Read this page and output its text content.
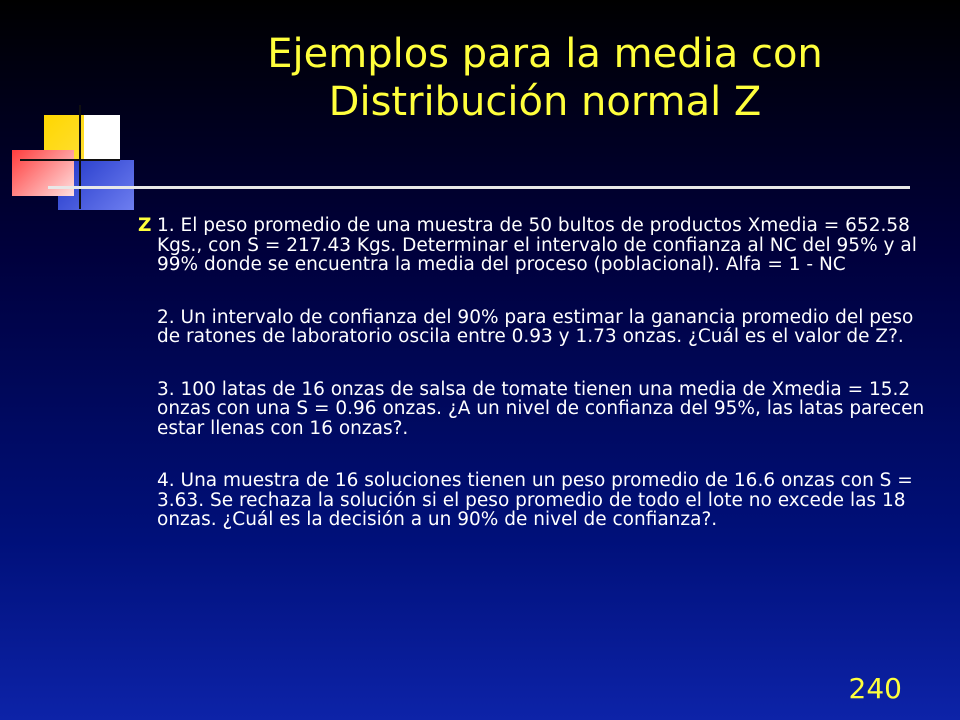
Ejemplos para la media con Distribución normal Z
Z 1. El peso promedio de una muestra de 50 bultos de productos Xmedia = 652.58 Kgs., con S = 217.43 Kgs. Determinar el intervalo de confianza al NC del 95% y al 99% donde se encuentra la media del proceso (poblacional). Alfa = 1 - NC
2. Un intervalo de confianza del 90% para estimar la ganancia promedio del peso de ratones de laboratorio oscila entre 0.93 y 1.73 onzas. ¿Cuál es el valor de Z?.
3. 100 latas de 16 onzas de salsa de tomate tienen una media de Xmedia = 15.2 onzas con una S = 0.96 onzas. ¿A un nivel de confianza del 95%, las latas parecen estar llenas con 16 onzas?.
4. Una muestra de 16 soluciones tienen un peso promedio de 16.6 onzas con S = 3.63. Se rechaza la solución si el peso promedio de todo el lote no excede las 18 onzas. ¿Cuál es la decisión a un 90% de nivel de confianza?.
240
